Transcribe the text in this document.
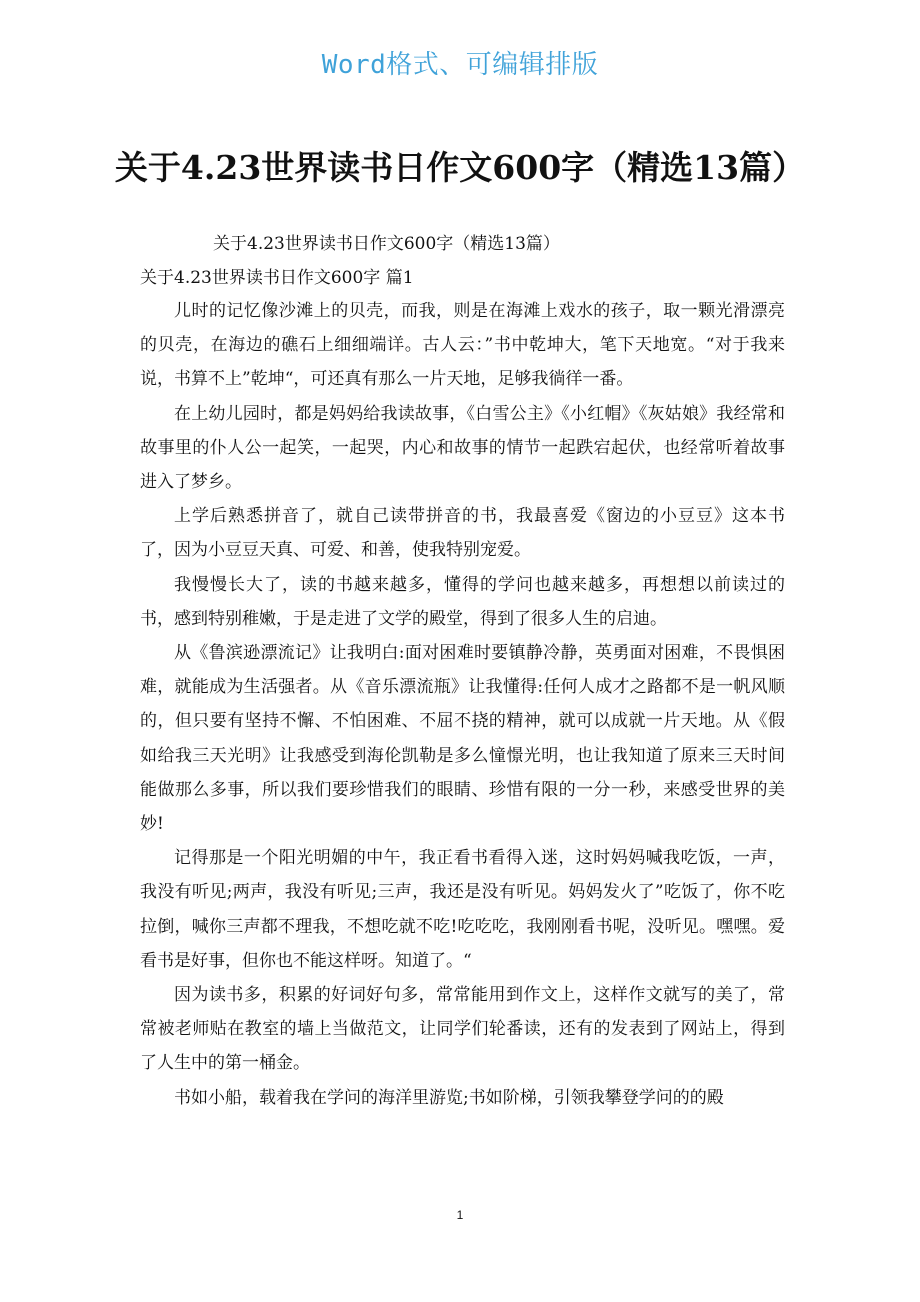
Word格式、可编辑排版
关于4.23世界读书日作文600字（精选13篇）
关于4.23世界读书日作文600字（精选13篇）
关于4.23世界读书日作文600字 篇1

儿时的记忆像沙滩上的贝壳，而我，则是在海滩上戏水的孩子，取一颗光滑漂亮的贝壳，在海边的礁石上细细端详。古人云：”书中乾坤大，笔下天地宽。“对于我来说，书算不上”乾坤“，可还真有那么一片天地，足够我徜徉一番。

在上幼儿园时，都是妈妈给我读故事，《白雪公主》《小红帽》《灰姑娘》我经常和故事里的仆人公一起笑，一起哭，内心和故事的情节一起跌宕起伏，也经常听着故事进入了梦乡。

上学后熟悉拼音了，就自己读带拼音的书，我最喜爱《窗边的小豆豆》这本书了，因为小豆豆天真、可爱、和善，使我特别宠爱。

我慢慢长大了，读的书越来越多，懂得的学问也越来越多，再想想以前读过的书，感到特别稚嫩，于是走进了文学的殿堂，得到了很多人生的启迪。

从《鲁滨逊漂流记》让我明白:面对困难时要镇静冷静，英勇面对困难，不畏惧困难，就能成为生活强者。从《音乐漂流瓶》让我懂得:任何人成才之路都不是一帆风顺的，但只要有坚持不懈、不怕困难、不屈不挠的精神，就可以成就一片天地。从《假如给我三天光明》让我感受到海伦凯勒是多么憧憬光明，也让我知道了原来三天时间能做那么多事，所以我们要珍惜我们的眼睛、珍惜有限的一分一秒，来感受世界的美妙!

记得那是一个阳光明媚的中午，我正看书看得入迷，这时妈妈喊我吃饭，一声，我没有听见;两声，我没有听见;三声，我还是没有听见。妈妈发火了”吃饭了，你不吃拉倒，喊你三声都不理我，不想吃就不吃!吃吃吃，我刚刚看书呢，没听见。嘿嘿。爱看书是好事，但你也不能这样呀。知道了。“

因为读书多，积累的好词好句多，常常能用到作文上，这样作文就写的美了，常常被老师贴在教室的墙上当做范文，让同学们轮番读，还有的发表到了网站上，得到了人生中的第一桶金。

书如小船，载着我在学问的海洋里游览;书如阶梯，引领我攀登学问的的殿

1
